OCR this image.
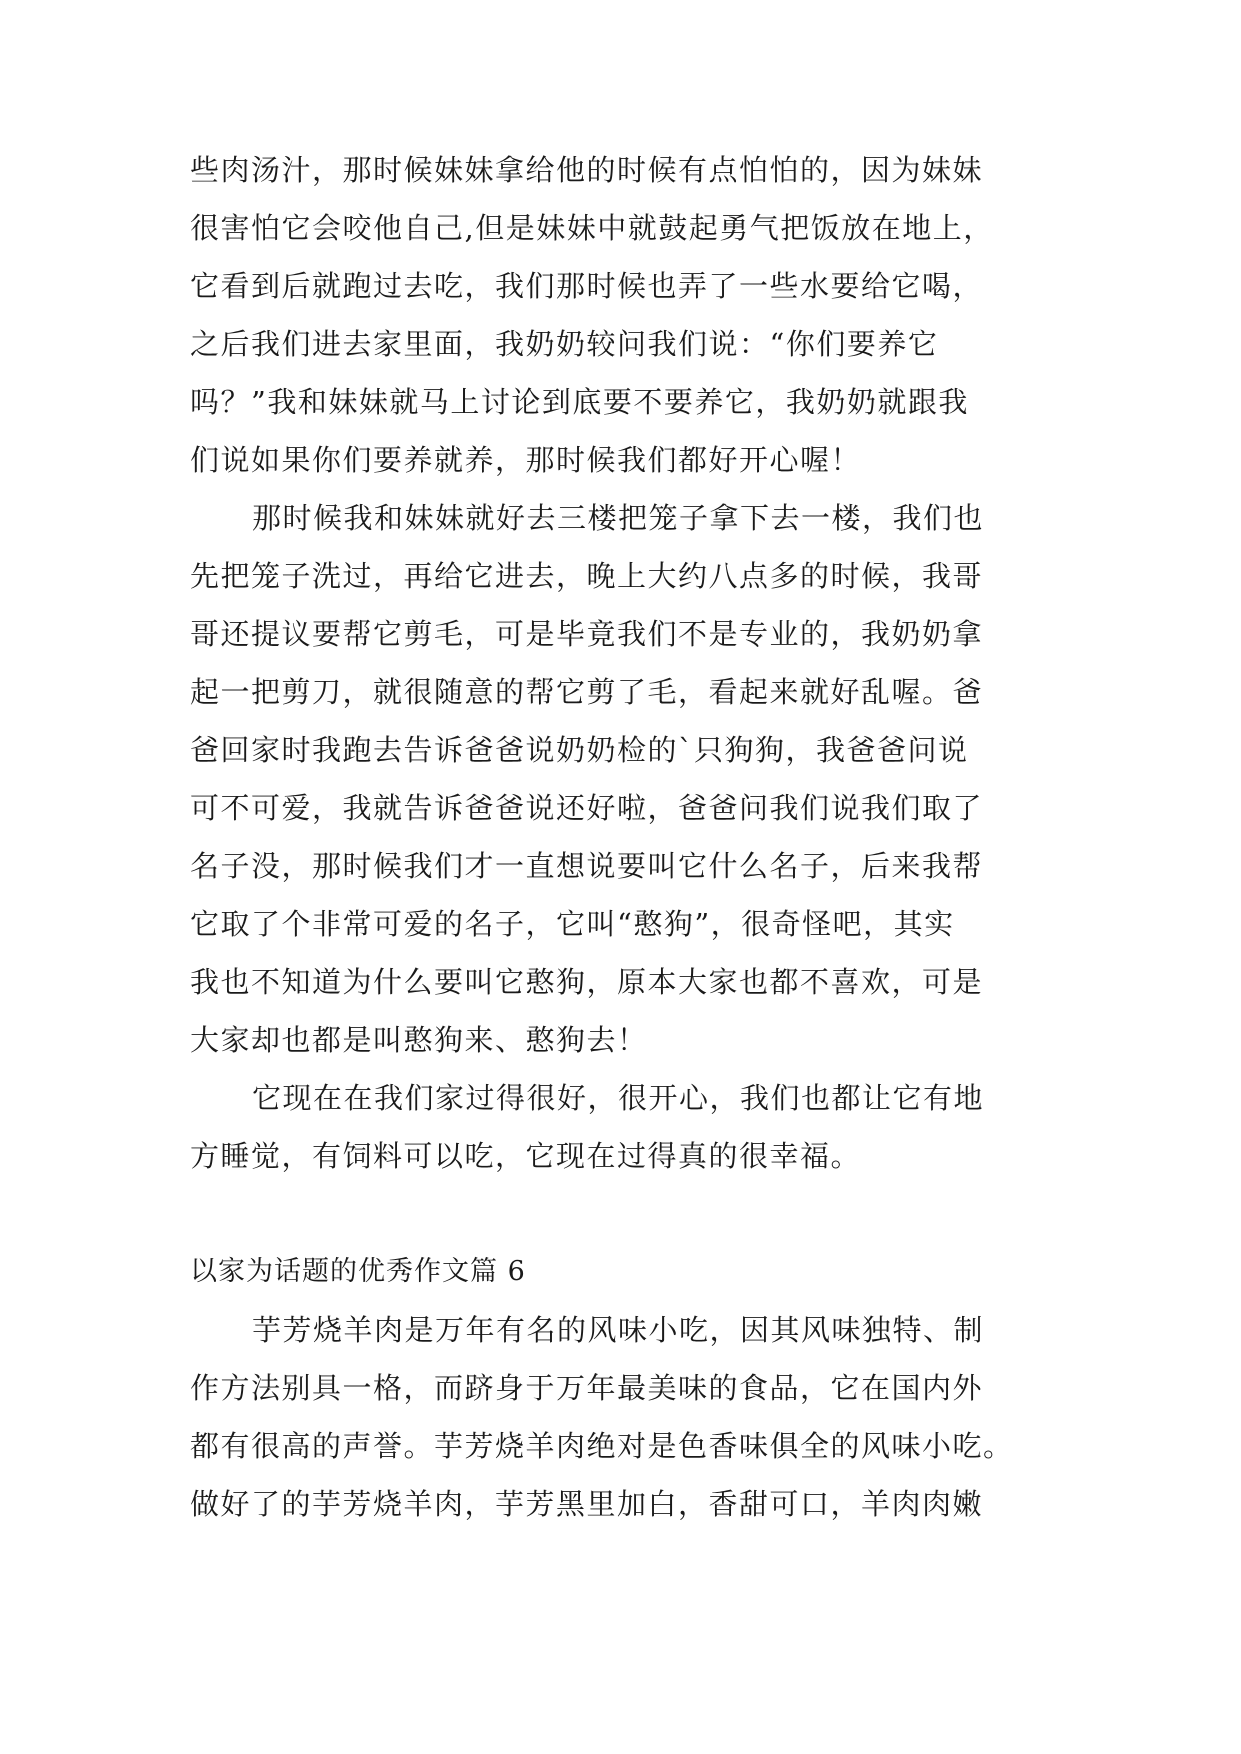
些肉汤汁，那时候妹妹拿给他的时候有点怕怕的，因为妹妹

很害怕它会咬他自己,但是妹妹中就鼓起勇气把饭放在地上，

它看到后就跑过去吃，我们那时候也弄了一些水要给它喝，

之后我们进去家里面，我奶奶较问我们说：“你们要养它

吗？”我和妹妹就马上讨论到底要不要养它，我奶奶就跟我

们说如果你们要养就养，那时候我们都好开心喔！

那时候我和妹妹就好去三楼把笼子拿下去一楼，我们也

先把笼子洗过，再给它进去，晚上大约八点多的时候，我哥

哥还提议要帮它剪毛，可是毕竟我们不是专业的，我奶奶拿

起一把剪刀，就很随意的帮它剪了毛，看起来就好乱喔。爸

爸回家时我跑去告诉爸爸说奶奶检的`只狗狗，我爸爸问说

可不可爱，我就告诉爸爸说还好啦，爸爸问我们说我们取了

名子没，那时候我们才一直想说要叫它什么名子，后来我帮

它取了个非常可爱的名子，它叫“憨狗”，很奇怪吧，其实

我也不知道为什么要叫它憨狗，原本大家也都不喜欢，可是

大家却也都是叫憨狗来、憨狗去！

它现在在我们家过得很好，很开心，我们也都让它有地

方睡觉，有饲料可以吃，它现在过得真的很幸福。

以家为话题的优秀作文篇 6

芋芳烧羊肉是万年有名的风味小吃，因其风味独特、制

作方法别具一格，而跻身于万年最美味的食品，它在国内外

都有很高的声誉。芋芳烧羊肉绝对是色香味俱全的风味小吃。

做好了的芋芳烧羊肉，芋芳黑里加白，香甜可口，羊肉肉嫩
